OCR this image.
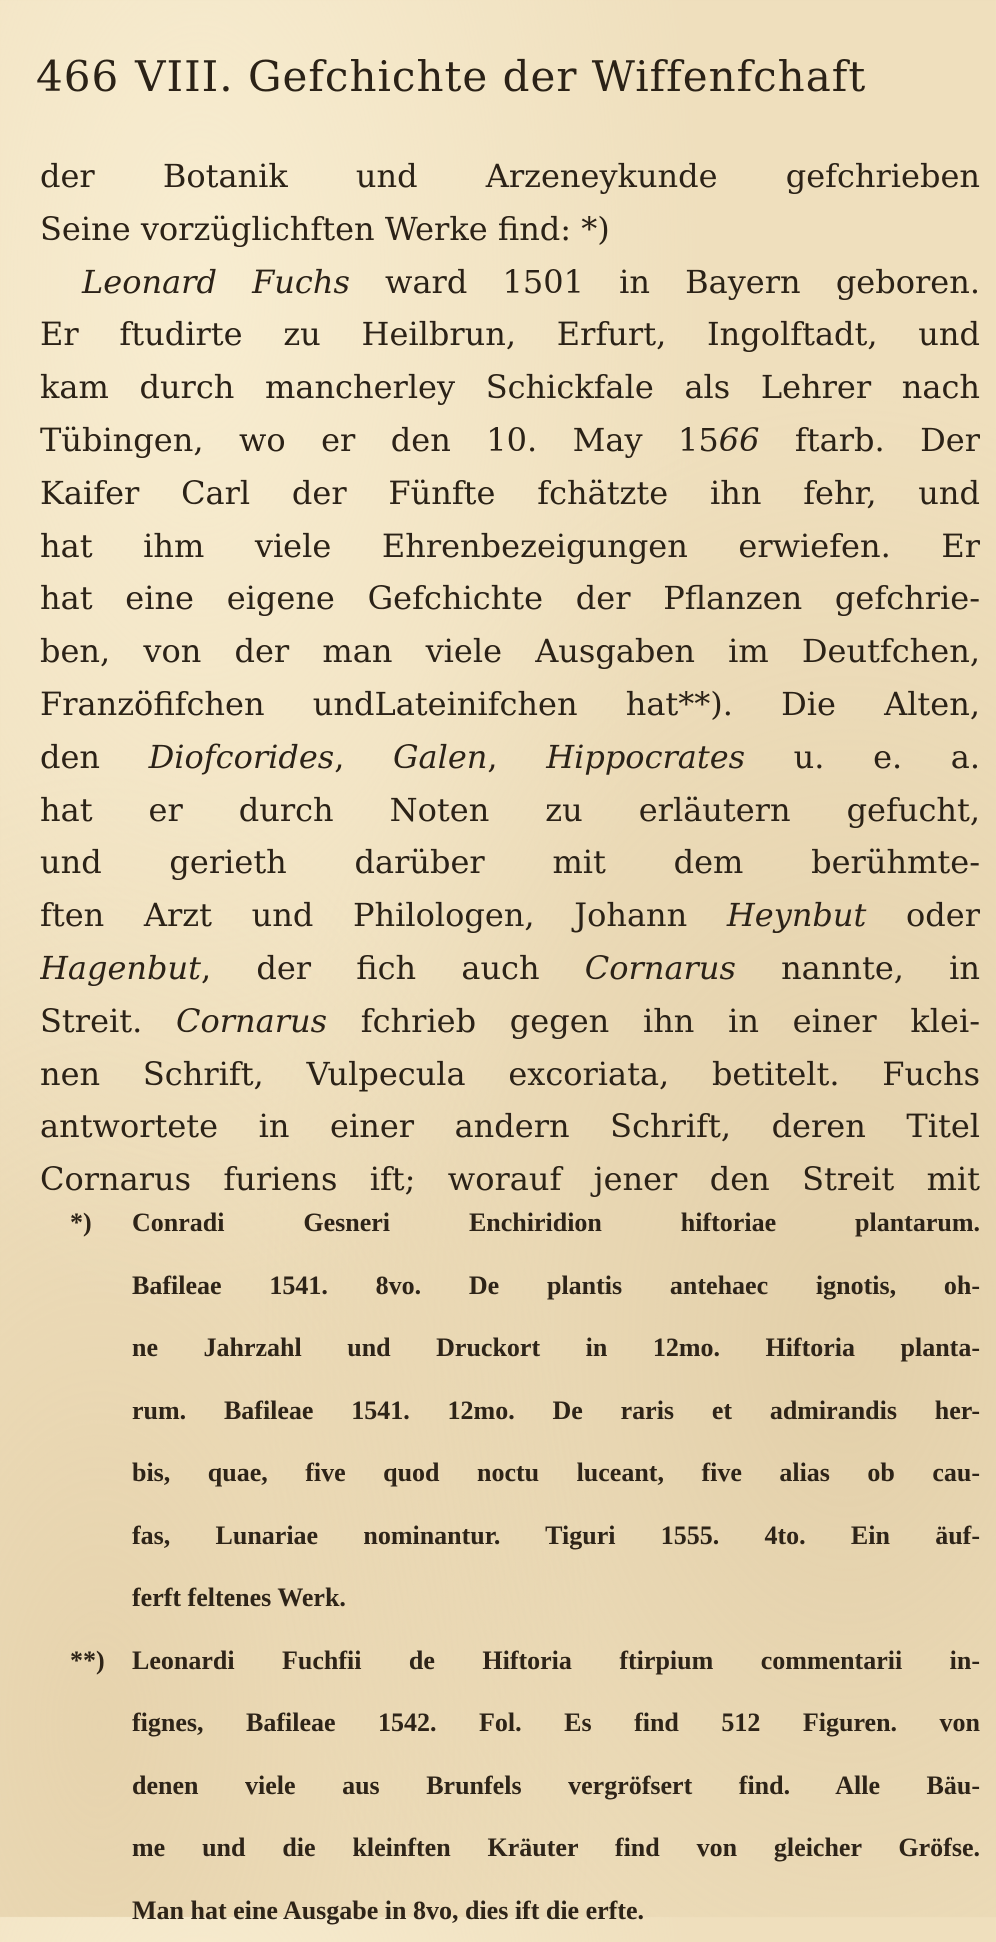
466 VIII. Gefchichte der Wiffenfchaft
der Botanik und Arzeneykunde gefchrieben
Seine vorzüglichften Werke find: *)
Leonard Fuchs ward 1501 in Bayern geboren.
Er ftudirte zu Heilbrun, Erfurt, Ingolftadt, und
kam durch mancherley Schickfale als Lehrer nach
Tübingen, wo er den 10. May 1566 ftarb. Der
Kaifer Carl der Fünfte fchätzte ihn fehr, und
hat ihm viele Ehrenbezeigungen erwiefen. Er
hat eine eigene Gefchichte der Pflanzen gefchrie-
ben, von der man viele Ausgaben im Deutfchen,
Franzöfifchen undLateinifchen hat**). Die Alten,
den Diofcorides, Galen, Hippocrates u. e. a.
hat er durch Noten zu erläutern gefucht,
und gerieth darüber mit dem berühmte-
ften Arzt und Philologen, Johann Heynbut oder
Hagenbut, der fich auch Cornarus nannte, in
Streit. Cornarus fchrieb gegen ihn in einer klei-
nen Schrift, Vulpecula excoriata, betitelt. Fuchs
antwortete in einer andern Schrift, deren Titel
Cornarus furiens ift; worauf jener den Streit mit
*) Conradi Gesneri Enchiridion hiftoriae plantarum.
Bafileae 1541. 8vo. De plantis antehaec ignotis, oh-
ne Jahrzahl und Druckort in 12mo. Hiftoria planta-
rum. Bafileae 1541. 12mo. De raris et admirandis her-
bis, quae, five quod noctu luceant, five alias ob cau-
fas, Lunariae nominantur. Tiguri 1555. 4to. Ein äuf-
ferft feltenes Werk.
**) Leonardi Fuchfii de Hiftoria ftirpium commentarii in-
fignes, Bafileae 1542. Fol. Es find 512 Figuren. von
denen viele aus Brunfels vergröfsert find. Alle Bäu-
me und die kleinften Kräuter find von gleicher Gröfse.
Man hat eine Ausgabe in 8vo, dies ift die erfte.
